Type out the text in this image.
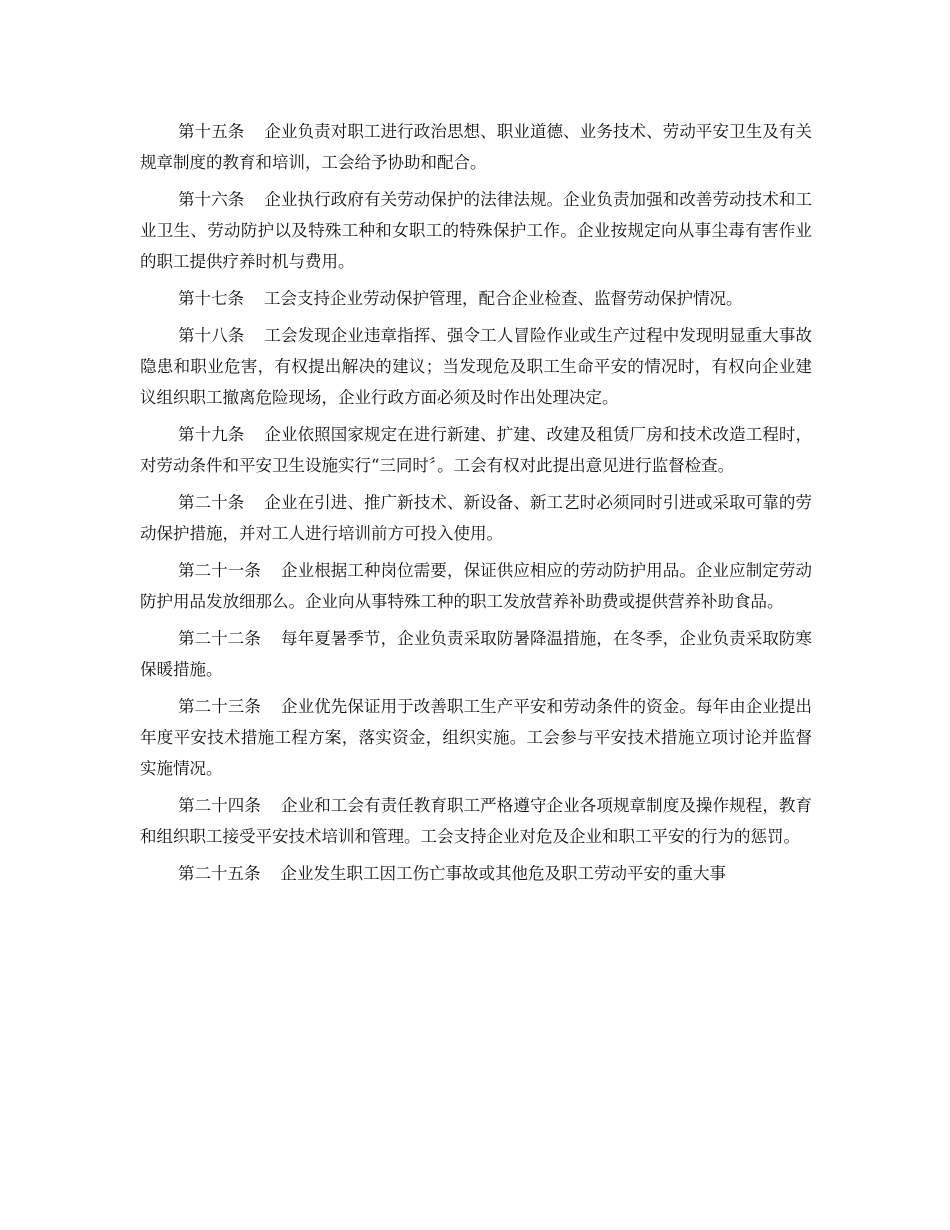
第十五条 企业负责对职工进行政治思想、职业道德、业务技术、劳动平安卫生及有关规章制度的教育和培训，工会给予协助和配合。

第十六条 企业执行政府有关劳动保护的法律法规。企业负责加强和改善劳动技术和工业卫生、劳动防护以及特殊工种和女职工的特殊保护工作。企业按规定向从事尘毒有害作业的职工提供疗养时机与费用。

第十七条 工会支持企业劳动保护管理，配合企业检查、监督劳动保护情况。

第十八条 工会发现企业违章指挥、强令工人冒险作业或生产过程中发现明显重大事故隐患和职业危害，有权提出解决的建议；当发现危及职工生命平安的情况时，有权向企业建议组织职工撤离危险现场，企业行政方面必须及时作出处理决定。

第十九条 企业依照国家规定在进行新建、扩建、改建及租赁厂房和技术改造工程时，对劳动条件和平安卫生设施实行“三同时〞。工会有权对此提出意见进行监督检查。

第二十条 企业在引进、推广新技术、新设备、新工艺时必须同时引进或采取可靠的劳动保护措施，并对工人进行培训前方可投入使用。

第二十一条 企业根据工种岗位需要，保证供应相应的劳动防护用品。企业应制定劳动防护用品发放细那么。企业向从事特殊工种的职工发放营养补助费或提供营养补助食品。

第二十二条 每年夏暑季节，企业负责采取防暑降温措施，在冬季，企业负责采取防寒保暖措施。

第二十三条 企业优先保证用于改善职工生产平安和劳动条件的资金。每年由企业提出年度平安技术措施工程方案，落实资金，组织实施。工会参与平安技术措施立项讨论并监督实施情况。

第二十四条 企业和工会有责任教育职工严格遵守企业各项规章制度及操作规程，教育和组织职工接受平安技术培训和管理。工会支持企业对危及企业和职工平安的行为的惩罚。

第二十五条 企业发生职工因工伤亡事故或其他危及职工劳动平安的重大事
